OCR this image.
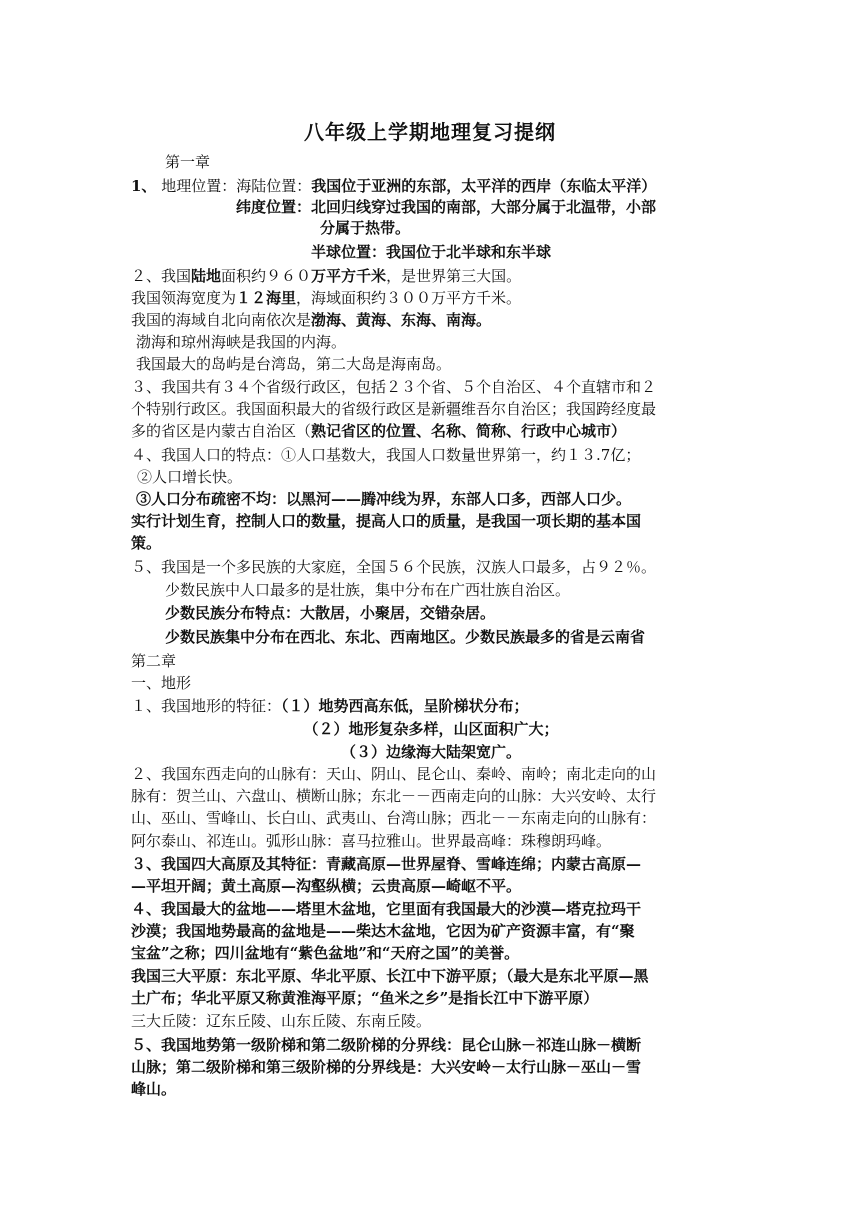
八年级上学期地理复习提纲
第一章
1、 地理位置：海陆位置：我国位于亚洲的东部，太平洋的西岸（东临太平洋）
纬度位置：北回归线穿过我国的南部，大部分属于北温带，小部
分属于热带。
半球位置：我国位于北半球和东半球
２、我国陆地面积约９６０万平方千米，是世界第三大国。
我国领海宽度为１２海里，海域面积约３００万平方千米。
我国的海域自北向南依次是渤海、黄海、东海、南海。
渤海和琼州海峡是我国的内海。
我国最大的岛屿是台湾岛，第二大岛是海南岛。
３、我国共有３４个省级行政区，包括２３个省、５个自治区、４个直辖市和２
个特别行政区。我国面积最大的省级行政区是新疆维吾尔自治区；我国跨经度最
多的省区是内蒙古自治区（熟记省区的位置、名称、简称、行政中心城市）
４、我国人口的特点：①人口基数大，我国人口数量世界第一，约１３.7亿；
②人口增长快。
③人口分布疏密不均：以黑河——腾冲线为界，东部人口多，西部人口少。
实行计划生育，控制人口的数量，提高人口的质量，是我国一项长期的基本国
策。
５、我国是一个多民族的大家庭，全国５６个民族，汉族人口最多，占９２％。
少数民族中人口最多的是壮族，集中分布在广西壮族自治区。
少数民族分布特点：大散居，小聚居，交错杂居。
少数民族集中分布在西北、东北、西南地区。少数民族最多的省是云南省
第二章
一、地形
１、我国地形的特征：（１）地势西高东低，呈阶梯状分布；
（２）地形复杂多样，山区面积广大；
（３）边缘海大陆架宽广。
２、我国东西走向的山脉有：天山、阴山、昆仑山、秦岭、南岭；南北走向的山
脉有：贺兰山、六盘山、横断山脉；东北－－西南走向的山脉：大兴安岭、太行
山、巫山、雪峰山、长白山、武夷山、台湾山脉；西北－－东南走向的山脉有：
阿尔泰山、祁连山。弧形山脉：喜马拉雅山。世界最高峰：珠穆朗玛峰。
３、我国四大高原及其特征：青藏高原—世界屋脊、雪峰连绵；内蒙古高原—
—平坦开阔；黄土高原—沟壑纵横；云贵高原—崎岖不平。
４、我国最大的盆地——塔里木盆地，它里面有我国最大的沙漠—塔克拉玛干
沙漠；我国地势最高的盆地是——柴达木盆地，它因为矿产资源丰富，有“聚
宝盆”之称；四川盆地有“紫色盆地”和“天府之国”的美誉。
我国三大平原：东北平原、华北平原、长江中下游平原；（最大是东北平原—黑
土广布；华北平原又称黄淮海平原；“鱼米之乡”是指长江中下游平原）
三大丘陵：辽东丘陵、山东丘陵、东南丘陵。
５、我国地势第一级阶梯和第二级阶梯的分界线：昆仑山脉－祁连山脉－横断
山脉；第二级阶梯和第三级阶梯的分界线是：大兴安岭－太行山脉－巫山－雪
峰山。
